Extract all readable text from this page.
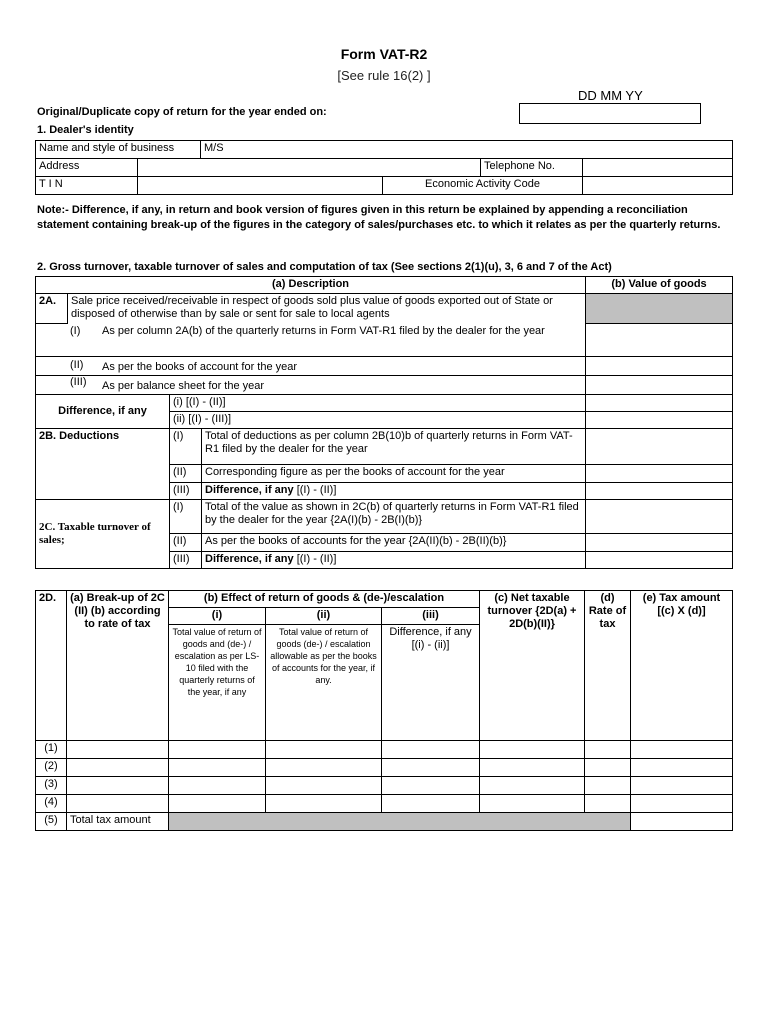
Form VAT-R2
[See rule 16(2) ]
DD MM YY
Original/Duplicate copy of return for the year ended on:
1. Dealer's identity
Name and style of business		M/S			
Address				Telephone No.	
T I N			Economic Activity Code		
Note:- Difference, if any, in return and book version of figures given in this return be explained by appending a reconciliation statement containing break-up of the figures in the category of sales/purchases etc. to which it relates as per the quarterly returns.
2. Gross turnover, taxable turnover of sales and computation of tax (See sections 2(1)(u), 3, 6 and 7 of the Act)
(a) Description				(b) Value of goods
2A.	Sale price received/receivable in respect of goods sold plus value of goods exported out of State or disposed of otherwise than by sale or sent for sale to local agents			

(I) As per column 2A(b) of the quarterly returns in Form VAT-R1 filed by the dealer for the year				

(II) As per the books of account for the year				

(III) As per balance sheet for the year				

Difference, if any		(i) [(I) - (II)]		
		(ii) [(I) - (III)]		
2B. Deductions		(I)	Total of deductions as per column 2B(10)b of quarterly returns in Form VAT-R1 filed by the dealer for the year	
		(II)	Corresponding figure as per the books of account for the year	
		(III)	Difference, if any [(I) - (II)]	
2C. Taxable turnover of sales;		(I)	Total of the value as shown in 2C(b) of quarterly returns in Form VAT-R1 filed by the dealer for the year {2A(I)(b) - 2B(I)(b)}	
		(II)	As per the books of accounts for the year {2A(II)(b) - 2B(II)(b)}	
		(III)	Difference, if any [(I) - (II)]	
2D.	(a) Break-up of 2C (II) (b) according to rate of tax	(b) Effect of return of goods & (de-)/escalation			(c) Net taxable turnover {2D(a) + 2D(b)(II)}	(d) Rate of tax	(e) Tax amount [(c) X (d)]
		(i)	(ii)	(iii)			
		Total value of return of goods and (de-) / escalation as per LS-10 filed with the quarterly returns of the year, if any	Total value of return of goods (de-) / escalation allowable as per the books of accounts for the year, if any.	Difference, if any [(i) - (ii)]			
(1)							
(2)							
(3)							
(4)							
(5)	Total tax amount						
